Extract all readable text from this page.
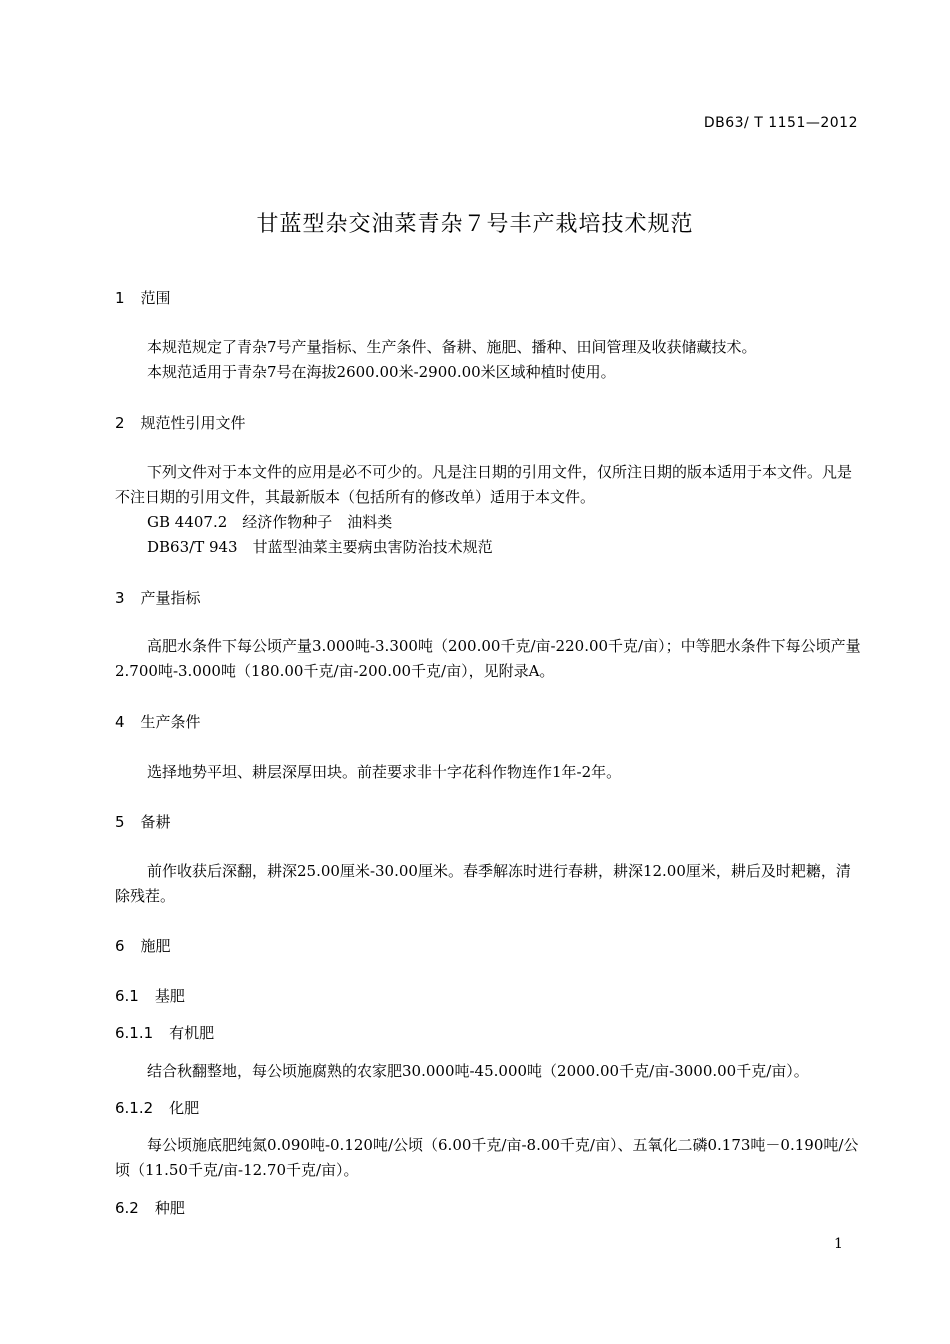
DB63/ T 1151—2012
甘蓝型杂交油菜青杂７号丰产栽培技术规范
1 范围
本规范规定了青杂7号产量指标、生产条件、备耕、施肥、播种、田间管理及收获储藏技术。
本规范适用于青杂7号在海拔2600.00米-2900.00米区域种植时使用。
2 规范性引用文件
下列文件对于本文件的应用是必不可少的。凡是注日期的引用文件，仅所注日期的版本适用于本文件。凡是不注日期的引用文件，其最新版本（包括所有的修改单）适用于本文件。
GB 4407.2　经济作物种子　油料类
DB63/T 943　甘蓝型油菜主要病虫害防治技术规范
3 产量指标
高肥水条件下每公顷产量3.000吨-3.300吨（200.00千克/亩-220.00千克/亩）；中等肥水条件下每公顷产量2.700吨-3.000吨（180.00千克/亩-200.00千克/亩），见附录A。
4 生产条件
选择地势平坦、耕层深厚田块。前茬要求非十字花科作物连作1年-2年。
5 备耕
前作收获后深翻，耕深25.00厘米-30.00厘米。春季解冻时进行春耕，耕深12.00厘米，耕后及时耙耱，清除残茬。
6 施肥
6.1 基肥
6.1.1 有机肥
结合秋翻整地，每公顷施腐熟的农家肥30.000吨-45.000吨（2000.00千克/亩-3000.00千克/亩）。
6.1.2 化肥
每公顷施底肥纯氮0.090吨-0.120吨/公顷（6.00千克/亩-8.00千克/亩）、五氧化二磷0.173吨－0.190吨/公顷（11.50千克/亩-12.70千克/亩）。
6.2 种肥
1
